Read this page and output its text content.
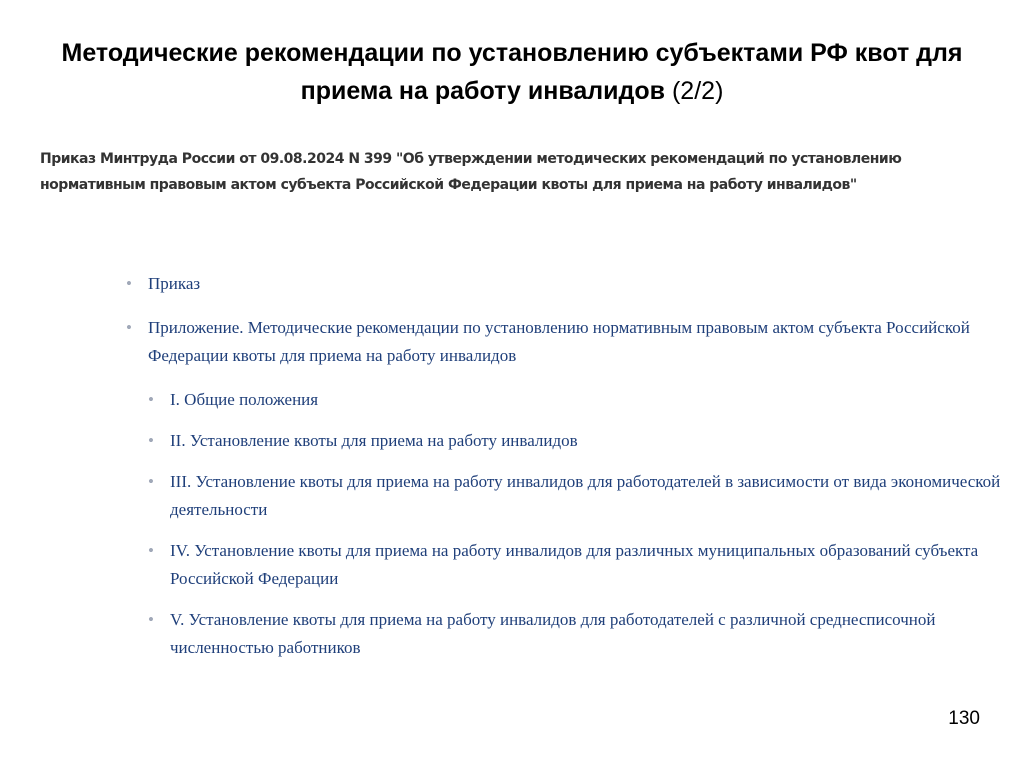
Методические рекомендации по установлению субъектами РФ квот для приема на работу инвалидов (2/2)
Приказ Минтруда России от 09.08.2024 N 399 "Об утверждении методических рекомендаций по установлению нормативным правовым актом субъекта Российской Федерации квоты для приема на работу инвалидов"
• Приказ
• Приложение. Методические рекомендации по установлению нормативным правовым актом субъекта Российской Федерации квоты для приема на работу инвалидов
• I. Общие положения
• II. Установление квоты для приема на работу инвалидов
• III. Установление квоты для приема на работу инвалидов для работодателей в зависимости от вида экономической деятельности
• IV. Установление квоты для приема на работу инвалидов для различных муниципальных образований субъекта Российской Федерации
• V. Установление квоты для приема на работу инвалидов для работодателей с различной среднесписочной численностью работников
130
